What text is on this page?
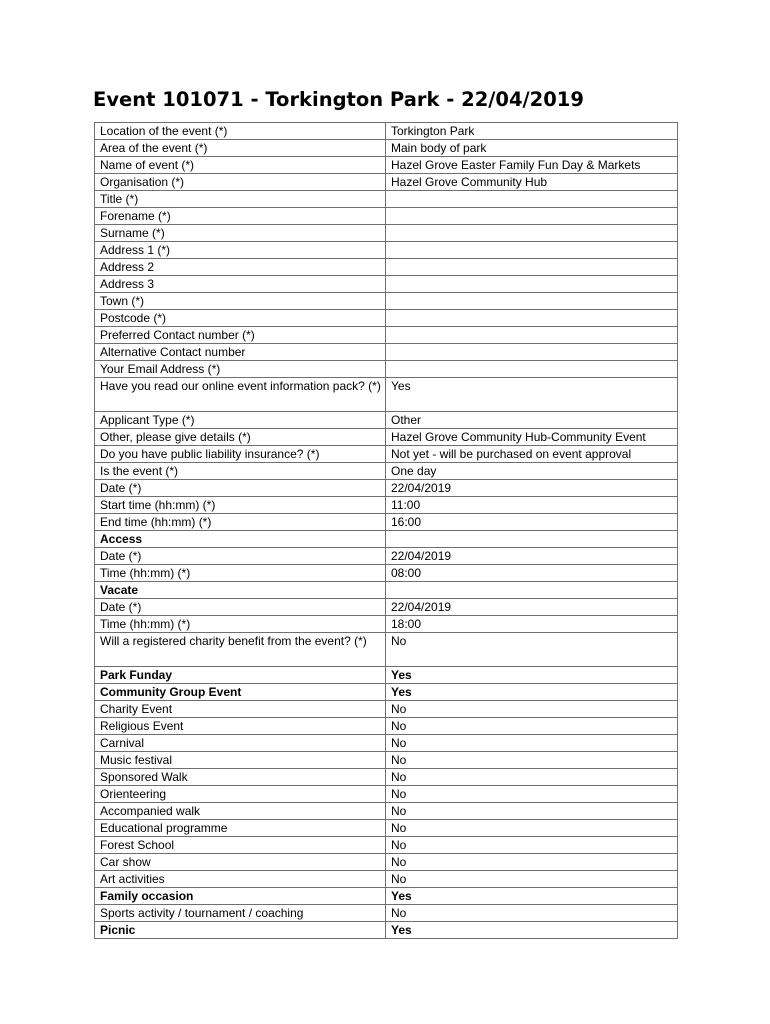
Event 101071 - Torkington Park - 22/04/2019
Location of the event (*)	Torkington Park
Area of the event (*)	Main body of park
Name of event (*)	Hazel Grove Easter Family Fun Day & Markets
Organisation (*)	Hazel Grove Community Hub
Title (*)	
Forename (*)	
Surname (*)	
Address 1 (*)	
Address 2	
Address 3	
Town (*)	
Postcode (*)	
Preferred Contact number (*)	
Alternative Contact number	
Your Email Address (*)	
Have you read our online event information pack? (*)	Yes
Applicant Type (*)	Other
Other, please give details (*)	Hazel Grove Community Hub-Community Event
Do you have public liability insurance? (*)	Not yet - will be purchased on event approval
Is the event (*)	One day
Date (*)	22/04/2019
Start time (hh:mm) (*)	11:00
End time (hh:mm) (*)	16:00
Access	
Date (*)	22/04/2019
Time (hh:mm) (*)	08:00
Vacate	
Date (*)	22/04/2019
Time (hh:mm) (*)	18:00
Will a registered charity benefit from the event? (*)	No
Park Funday	Yes
Community Group Event	Yes
Charity Event	No
Religious Event	No
Carnival	No
Music festival	No
Sponsored Walk	No
Orienteering	No
Accompanied walk	No
Educational programme	No
Forest School	No
Car show	No
Art activities	No
Family occasion	Yes
Sports activity / tournament / coaching	No
Picnic	Yes
